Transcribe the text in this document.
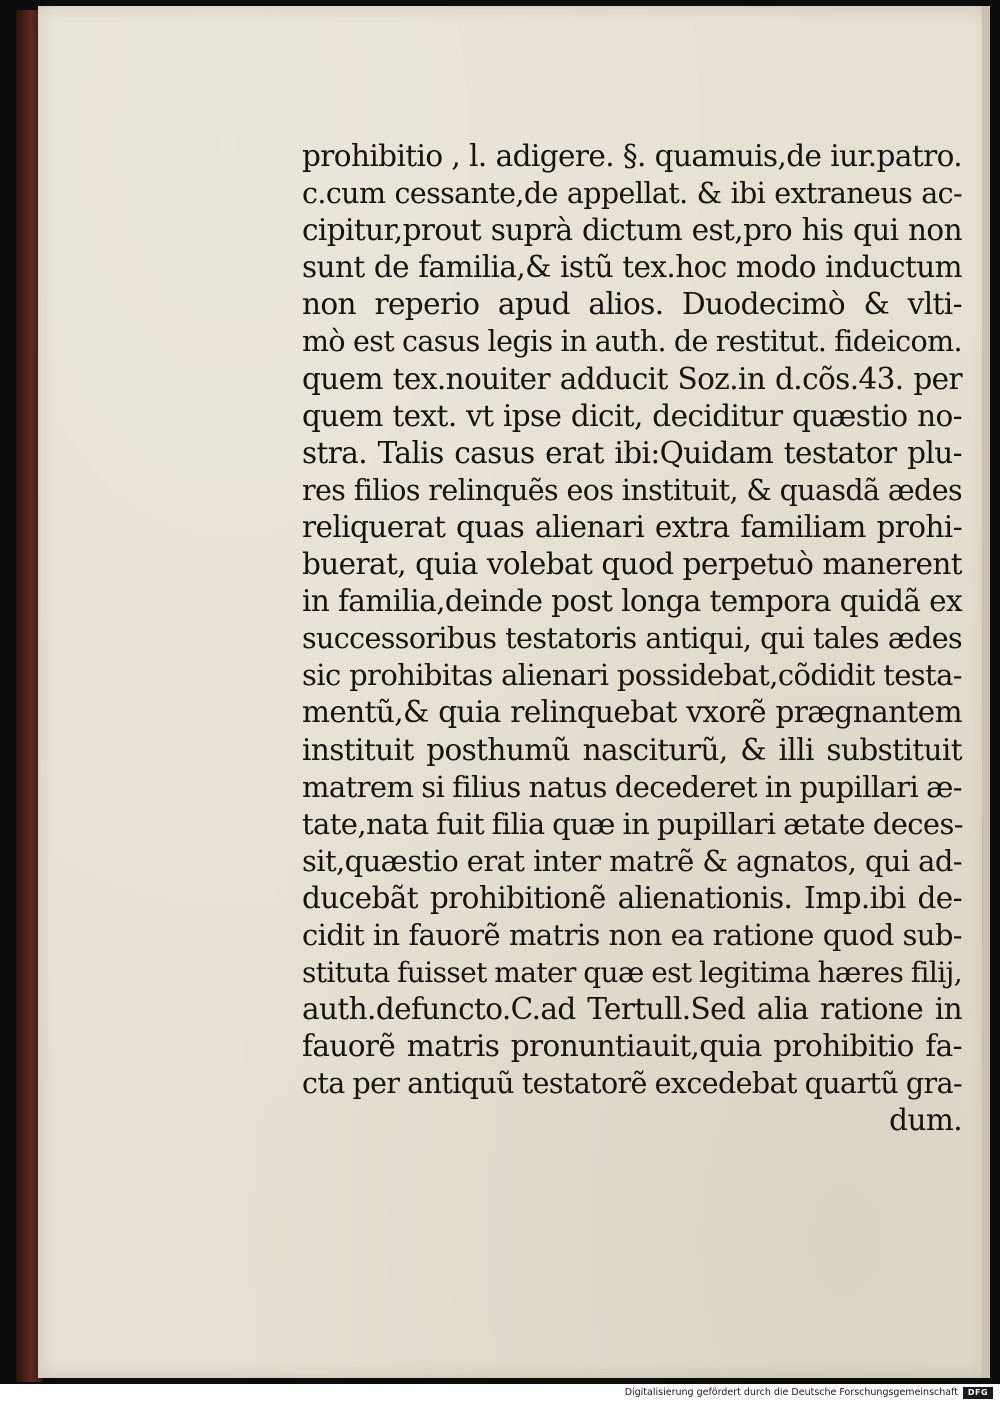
prohibitio , l. adigere. §. quamuis,de iur.patro.
c.cum cessante,de appellat. & ibi extraneus ac-
cipitur,prout suprà dictum est,pro his qui non
sunt de familia,& istũ tex.hoc modo inductum
non reperio apud alios. Duodecimò & vlti-
mò est casus legis in auth. de restitut. fideicom.
quem tex.nouiter adducit Soz.in d.cõs.43. per
quem text. vt ipse dicit, deciditur quæstio no-
stra. Talis casus erat ibi:Quidam testator plu-
res filios relinquẽs eos instituit, & quasdã ædes
reliquerat quas alienari extra familiam prohi-
buerat, quia volebat quod perpetuò manerent
in familia,deinde post longa tempora quidã ex
successoribus testatoris antiqui, qui tales ædes
sic prohibitas alienari possidebat,cõdidit testa-
mentũ,& quia relinquebat vxorẽ prægnantem
instituit posthumũ nasciturũ, & illi substituit
matrem si filius natus decederet in pupillari æ-
tate,nata fuit filia quæ in pupillari ætate deces-
sit,quæstio erat inter matrẽ & agnatos, qui ad-
ducebãt prohibitionẽ alienationis. Imp.ibi de-
cidit in fauorẽ matris non ea ratione quod sub-
stituta fuisset mater quæ est legitima hæres filij,
auth.defuncto.C.ad Tertull.Sed alia ratione in
fauorẽ matris pronuntiauit,quia prohibitio fa-
cta per antiquũ testatorẽ excedebat quartũ gra-
dum.
Digitalisierung gefördert durch die Deutsche Forschungsgemeinschaft	DFG
